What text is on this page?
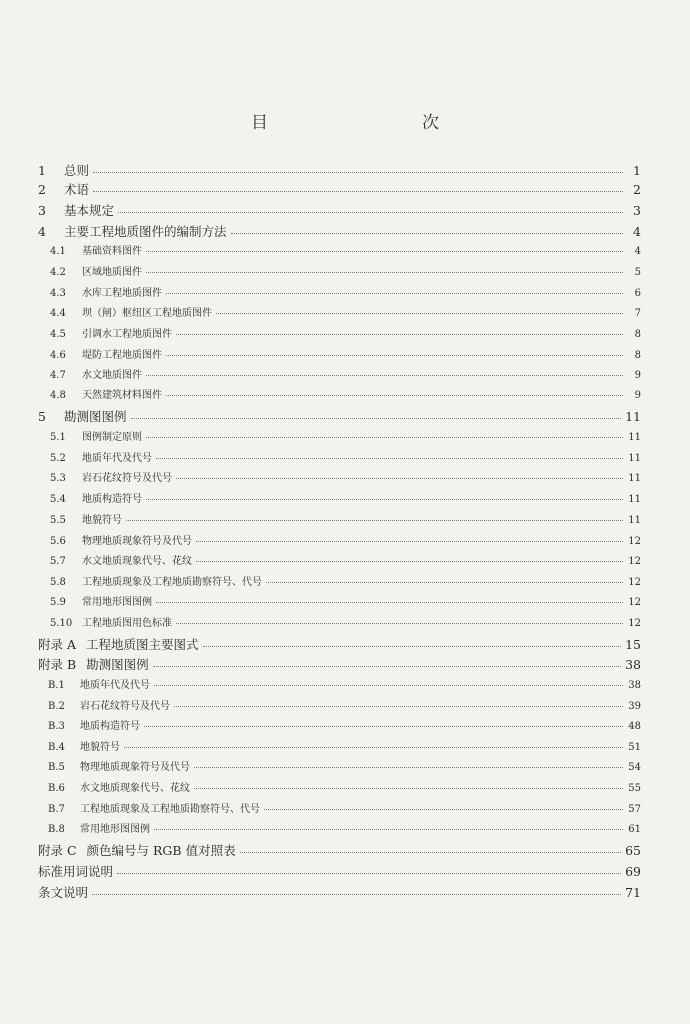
目　　次
1	总则	1
2	术语	2
3	基本规定	3
4	主要工程地质图件的编制方法	4
4.1	基础资料图件	4
4.2	区域地质图件	5
4.3	水库工程地质图件	6
4.4	坝（闸）枢纽区工程地质图件	7
4.5	引调水工程地质图件	8
4.6	堤防工程地质图件	8
4.7	水文地质图件	9
4.8	天然建筑材料图件	9
5	勘测图图例	11
5.1	图例制定原则	11
5.2	地质年代及代号	11
5.3	岩石花纹符号及代号	11
5.4	地质构造符号	11
5.5	地貌符号	11
5.6	物理地质现象符号及代号	12
5.7	水文地质现象代号、花纹	12
5.8	工程地质现象及工程地质勘察符号、代号	12
5.9	常用地形图图例	12
5.10 工程地质图用色标准	12
附录 A 工程地质图主要图式	15
附录 B 勘测图图例	38
B.1	地质年代及代号	38
B.2	岩石花纹符号及代号	39
B.3	地质构造符号	48
B.4	地貌符号	51
B.5	物理地质现象符号及代号	54
B.6	水文地质现象代号、花纹	55
B.7	工程地质现象及工程地质勘察符号、代号	57
B.8	常用地形图图例	61
附录 C 颜色编号与 RGB 值对照表	65
标准用词说明	69
条文说明	71
